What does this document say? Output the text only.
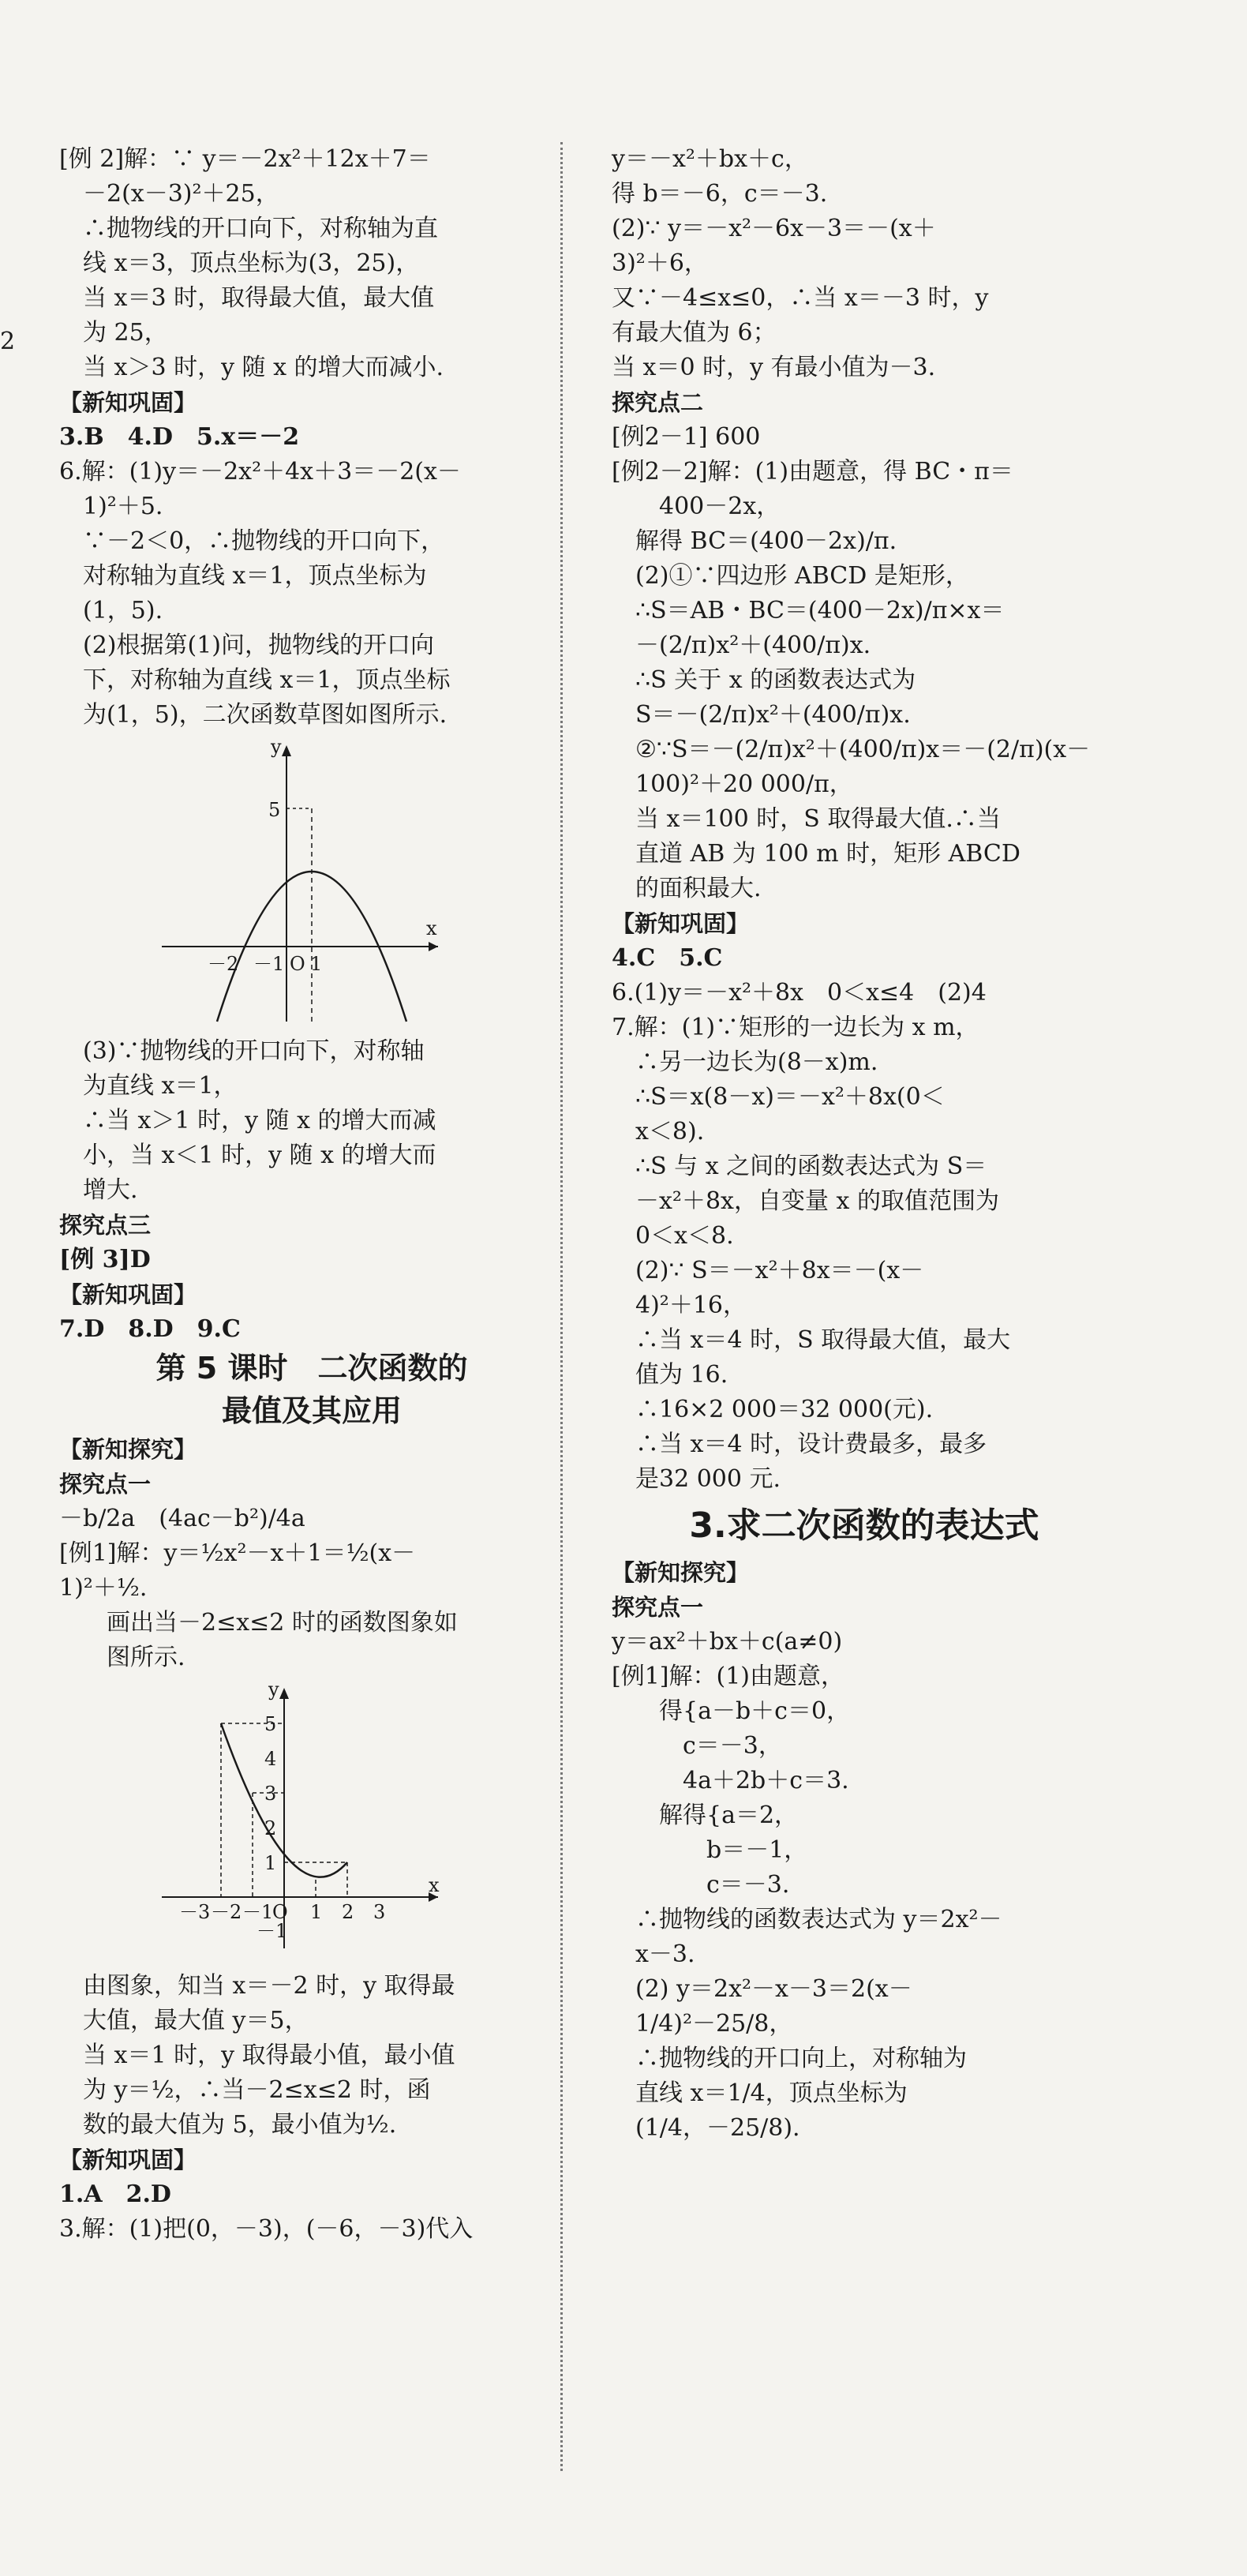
2
[例 2]解：∵ y＝－2x²＋12x＋7＝
－2(x－3)²＋25，
∴抛物线的开口向下，对称轴为直
线 x＝3，顶点坐标为(3，25)，
当 x＝3 时，取得最大值，最大值
为 25，
当 x＞3 时，y 随 x 的增大而减小.
【新知巩固】
3.B　4.D　5.x＝－2
6.解：(1)y＝－2x²＋4x＋3＝－2(x－
1)²＋5.
∵－2＜0，∴抛物线的开口向下，
对称轴为直线 x＝1，顶点坐标为
(1，5).
(2)根据第(1)问，抛物线的开口向
下，对称轴为直线 x＝1，顶点坐标
为(1，5)，二次函数草图如图所示.
y
x
5
－2 －1 O 1
(3)∵抛物线的开口向下，对称轴
为直线 x＝1，
∴当 x＞1 时，y 随 x 的增大而减
小，当 x＜1 时，y 随 x 的增大而
增大.
探究点三
[例 3]D
【新知巩固】
7.D　8.D　9.C
第 5 课时　二次函数的
最值及其应用
【新知探究】
探究点一
－b/2a　(4ac－b²)/4a
[例1]解：y＝½x²－x＋1＝½(x－
1)²＋½.
画出当－2≤x≤2 时的函数图象如
图所示.
y
x
5
4
3
2
1
－1
－3 －2 －1
O 1 2 3
由图象，知当 x＝－2 时，y 取得最
大值，最大值 y＝5，
当 x＝1 时，y 取得最小值，最小值
为 y＝½，∴当－2≤x≤2 时，函
数的最大值为 5，最小值为½.
【新知巩固】
1.A　2.D
3.解：(1)把(0，－3)，(－6，－3)代入
y＝－x²＋bx＋c，
得 b＝－6，c＝－3.
(2)∵ y＝－x²－6x－3＝－(x＋
3)²＋6，
又∵－4≤x≤0，∴当 x＝－3 时，y
有最大值为 6；
当 x＝0 时，y 有最小值为－3.
探究点二
[例2－1] 600
[例2－2]解：(1)由题意，得 BC・π＝
400－2x，
解得 BC＝(400－2x)/π.
(2)①∵四边形 ABCD 是矩形，
∴S＝AB・BC＝(400－2x)/π×x＝
－(2/π)x²＋(400/π)x.
∴S 关于 x 的函数表达式为
S＝－(2/π)x²＋(400/π)x.
②∵S＝－(2/π)x²＋(400/π)x＝－(2/π)(x－
100)²＋20 000/π，
当 x＝100 时，S 取得最大值.∴当
直道 AB 为 100 m 时，矩形 ABCD
的面积最大.
【新知巩固】
4.C　5.C
6.(1)y＝－x²＋8x　0＜x≤4　(2)4
7.解：(1)∵矩形的一边长为 x m，
∴另一边长为(8－x)m.
∴S＝x(8－x)＝－x²＋8x(0＜
x＜8).
∴S 与 x 之间的函数表达式为 S＝
－x²＋8x，自变量 x 的取值范围为
0＜x＜8.
(2)∵ S＝－x²＋8x＝－(x－
4)²＋16，
∴当 x＝4 时，S 取得最大值，最大
值为 16.
∴16×2 000＝32 000(元).
∴当 x＝4 时，设计费最多，最多
是32 000 元.
3.求二次函数的表达式
【新知探究】
探究点一
y＝ax²＋bx＋c(a≠0)
[例1]解：(1)由题意，
得{a－b＋c＝0，
c＝－3，
4a＋2b＋c＝3.
解得{a＝2，
b＝－1，
c＝－3.
∴抛物线的函数表达式为 y＝2x²－
x－3.
(2) y＝2x²－x－3＝2(x－
1/4)²－25/8，
∴抛物线的开口向上，对称轴为
直线 x＝1/4，顶点坐标为
(1/4，－25/8).
